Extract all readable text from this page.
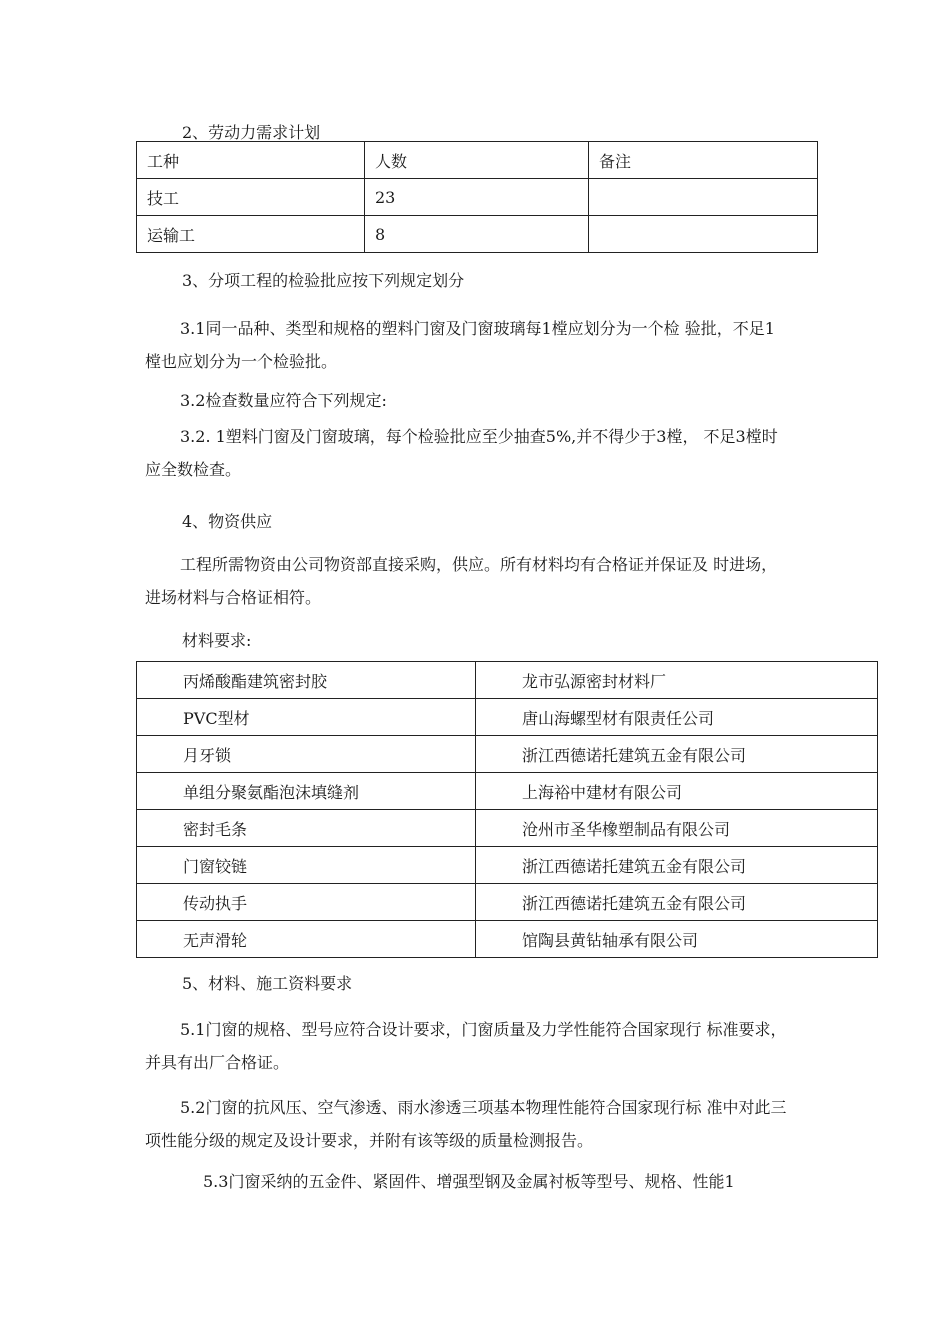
2、劳动力需求计划
工种	人数	备注
技工	23	
运输工	8	
3、分项工程的检验批应按下列规定划分
3.1同一品种、类型和规格的塑料门窗及门窗玻璃每1樘应划分为一个检 验批，不足1
樘也应划分为一个检验批。
3.2检查数量应符合下列规定:
3.2. 1塑料门窗及门窗玻璃，每个检验批应至少抽查5%,并不得少于3樘， 不足3樘时
应全数检查。
4、物资供应
工程所需物资由公司物资部直接采购，供应。所有材料均有合格证并保证及 时进场，
进场材料与合格证相符。
材料要求:
丙烯酸酯建筑密封胶	龙市弘源密封材料厂
PVC型材	唐山海螺型材有限责任公司
月牙锁	浙江西德诺托建筑五金有限公司
单组分聚氨酯泡沫填缝剂	上海裕中建材有限公司
密封毛条	沧州市圣华橡塑制品有限公司
门窗铰链	浙江西德诺托建筑五金有限公司
传动执手	浙江西德诺托建筑五金有限公司
无声滑轮	馆陶县黄钻轴承有限公司
5、材料、施工资料要求
5.1门窗的规格、型号应符合设计要求，门窗质量及力学性能符合国家现行 标准要求，
并具有出厂合格证。
5.2门窗的抗风压、空气渗透、雨水渗透三项基本物理性能符合国家现行标 准中对此三
项性能分级的规定及设计要求，并附有该等级的质量检测报告。
5.3门窗采纳的五金件、紧固件、增强型钢及金属衬板等型号、规格、性能1
